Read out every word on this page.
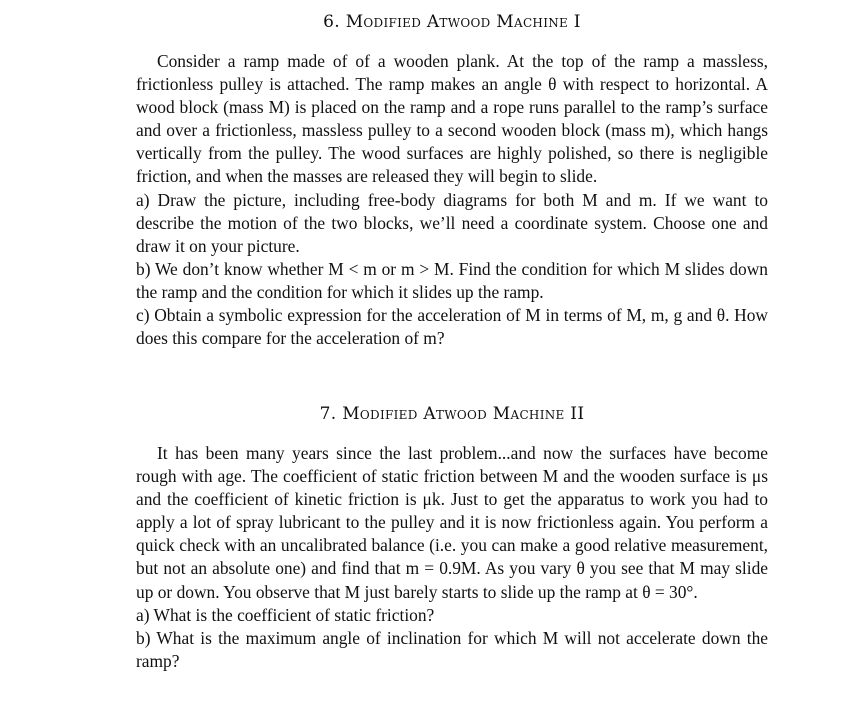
6. Modified Atwood Machine I

Consider a ramp made of of a wooden plank. At the top of the ramp a massless, frictionless pulley is attached. The ramp makes an angle θ with respect to horizontal. A wood block (mass M) is placed on the ramp and a rope runs parallel to the ramp’s surface and over a frictionless, massless pulley to a second wooden block (mass m), which hangs vertically from the pulley. The wood surfaces are highly polished, so there is negligible friction, and when the masses are released they will begin to slide.

a) Draw the picture, including free-body diagrams for both M and m. If we want to describe the motion of the two blocks, we’ll need a coordinate system. Choose one and draw it on your picture.

b) We don’t know whether M < m or m > M. Find the condition for which M slides down the ramp and the condition for which it slides up the ramp.

c) Obtain a symbolic expression for the acceleration of M in terms of M, m, g and θ. How does this compare for the acceleration of m?

7. Modified Atwood Machine II

It has been many years since the last problem...and now the surfaces have become rough with age. The coefficient of static friction between M and the wooden surface is μs and the coefficient of kinetic friction is μk. Just to get the apparatus to work you had to apply a lot of spray lubricant to the pulley and it is now frictionless again. You perform a quick check with an uncalibrated balance (i.e. you can make a good relative measurement, but not an absolute one) and find that m = 0.9M. As you vary θ you see that M may slide up or down. You observe that M just barely starts to slide up the ramp at θ = 30°.

a) What is the coefficient of static friction?

b) What is the maximum angle of inclination for which M will not accelerate down the ramp?
